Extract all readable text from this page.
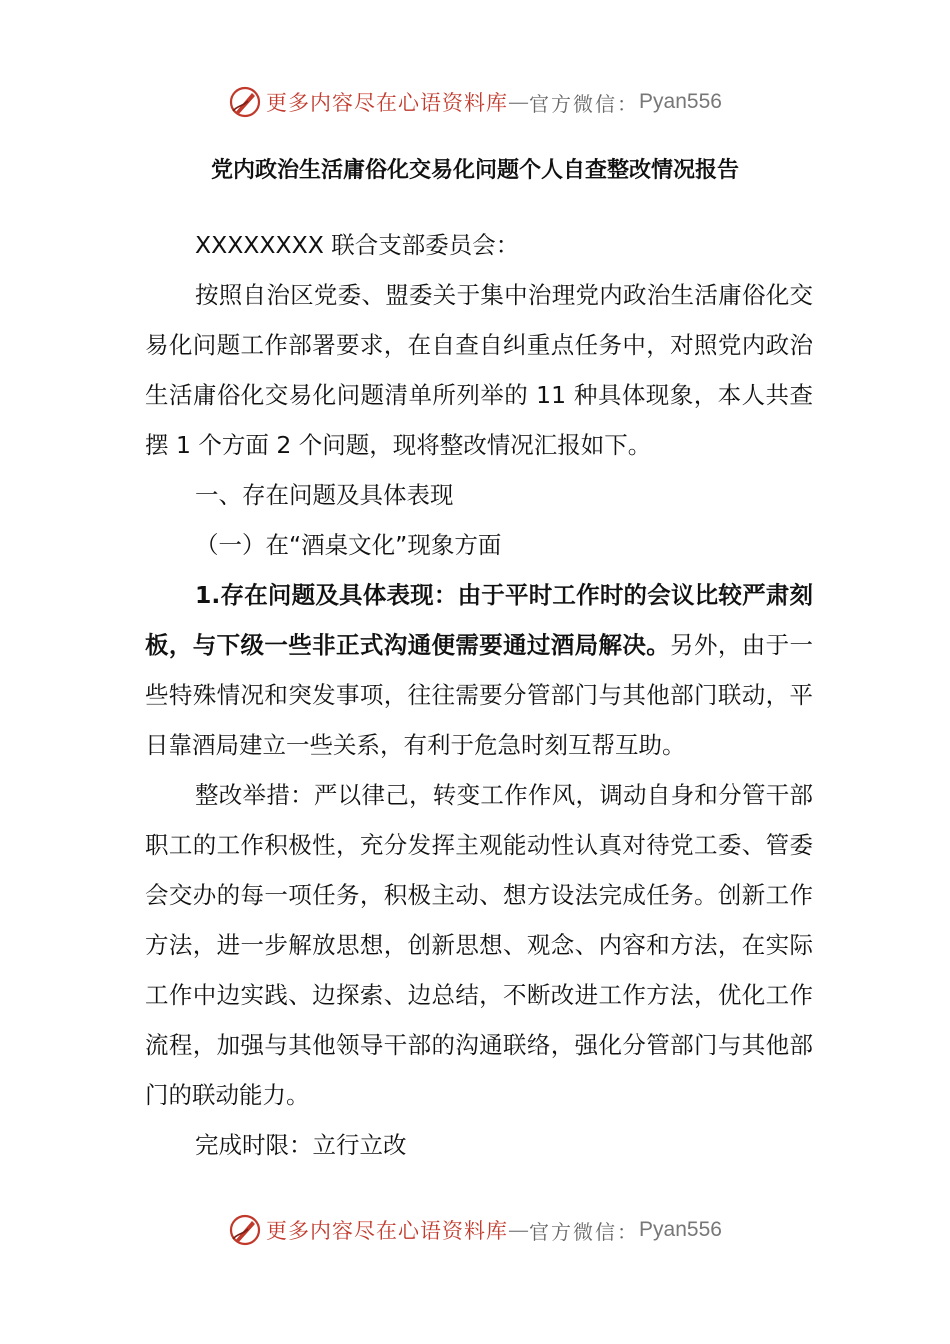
更多内容尽在心语资料库 — 官方微信： Pyan556
党内政治生活庸俗化交易化问题个人自查整改情况报告

XXXXXXXX 联合支部委员会：

按照自治区党委、盟委关于集中治理党内政治生活庸俗化交易化问题工作部署要求，在自查自纠重点任务中，对照党内政治生活庸俗化交易化问题清单所列举的 11 种具体现象，本人共查摆 1 个方面 2 个问题，现将整改情况汇报如下。

一、存在问题及具体表现

（一）在“酒桌文化”现象方面

1.存在问题及具体表现：由于平时工作时的会议比较严肃刻板，与下级一些非正式沟通便需要通过酒局解决。另外，由于一些特殊情况和突发事项，往往需要分管部门与其他部门联动，平日靠酒局建立一些关系，有利于危急时刻互帮互助。

整改举措：严以律己，转变工作作风，调动自身和分管干部职工的工作积极性，充分发挥主观能动性认真对待党工委、管委会交办的每一项任务，积极主动、想方设法完成任务。创新工作方法，进一步解放思想，创新思想、观念、内容和方法，在实际工作中边实践、边探索、边总结，不断改进工作方法，优化工作流程，加强与其他领导干部的沟通联络，强化分管部门与其他部门的联动能力。

完成时限：立行立改

更多内容尽在心语资料库 — 官方微信： Pyan556
